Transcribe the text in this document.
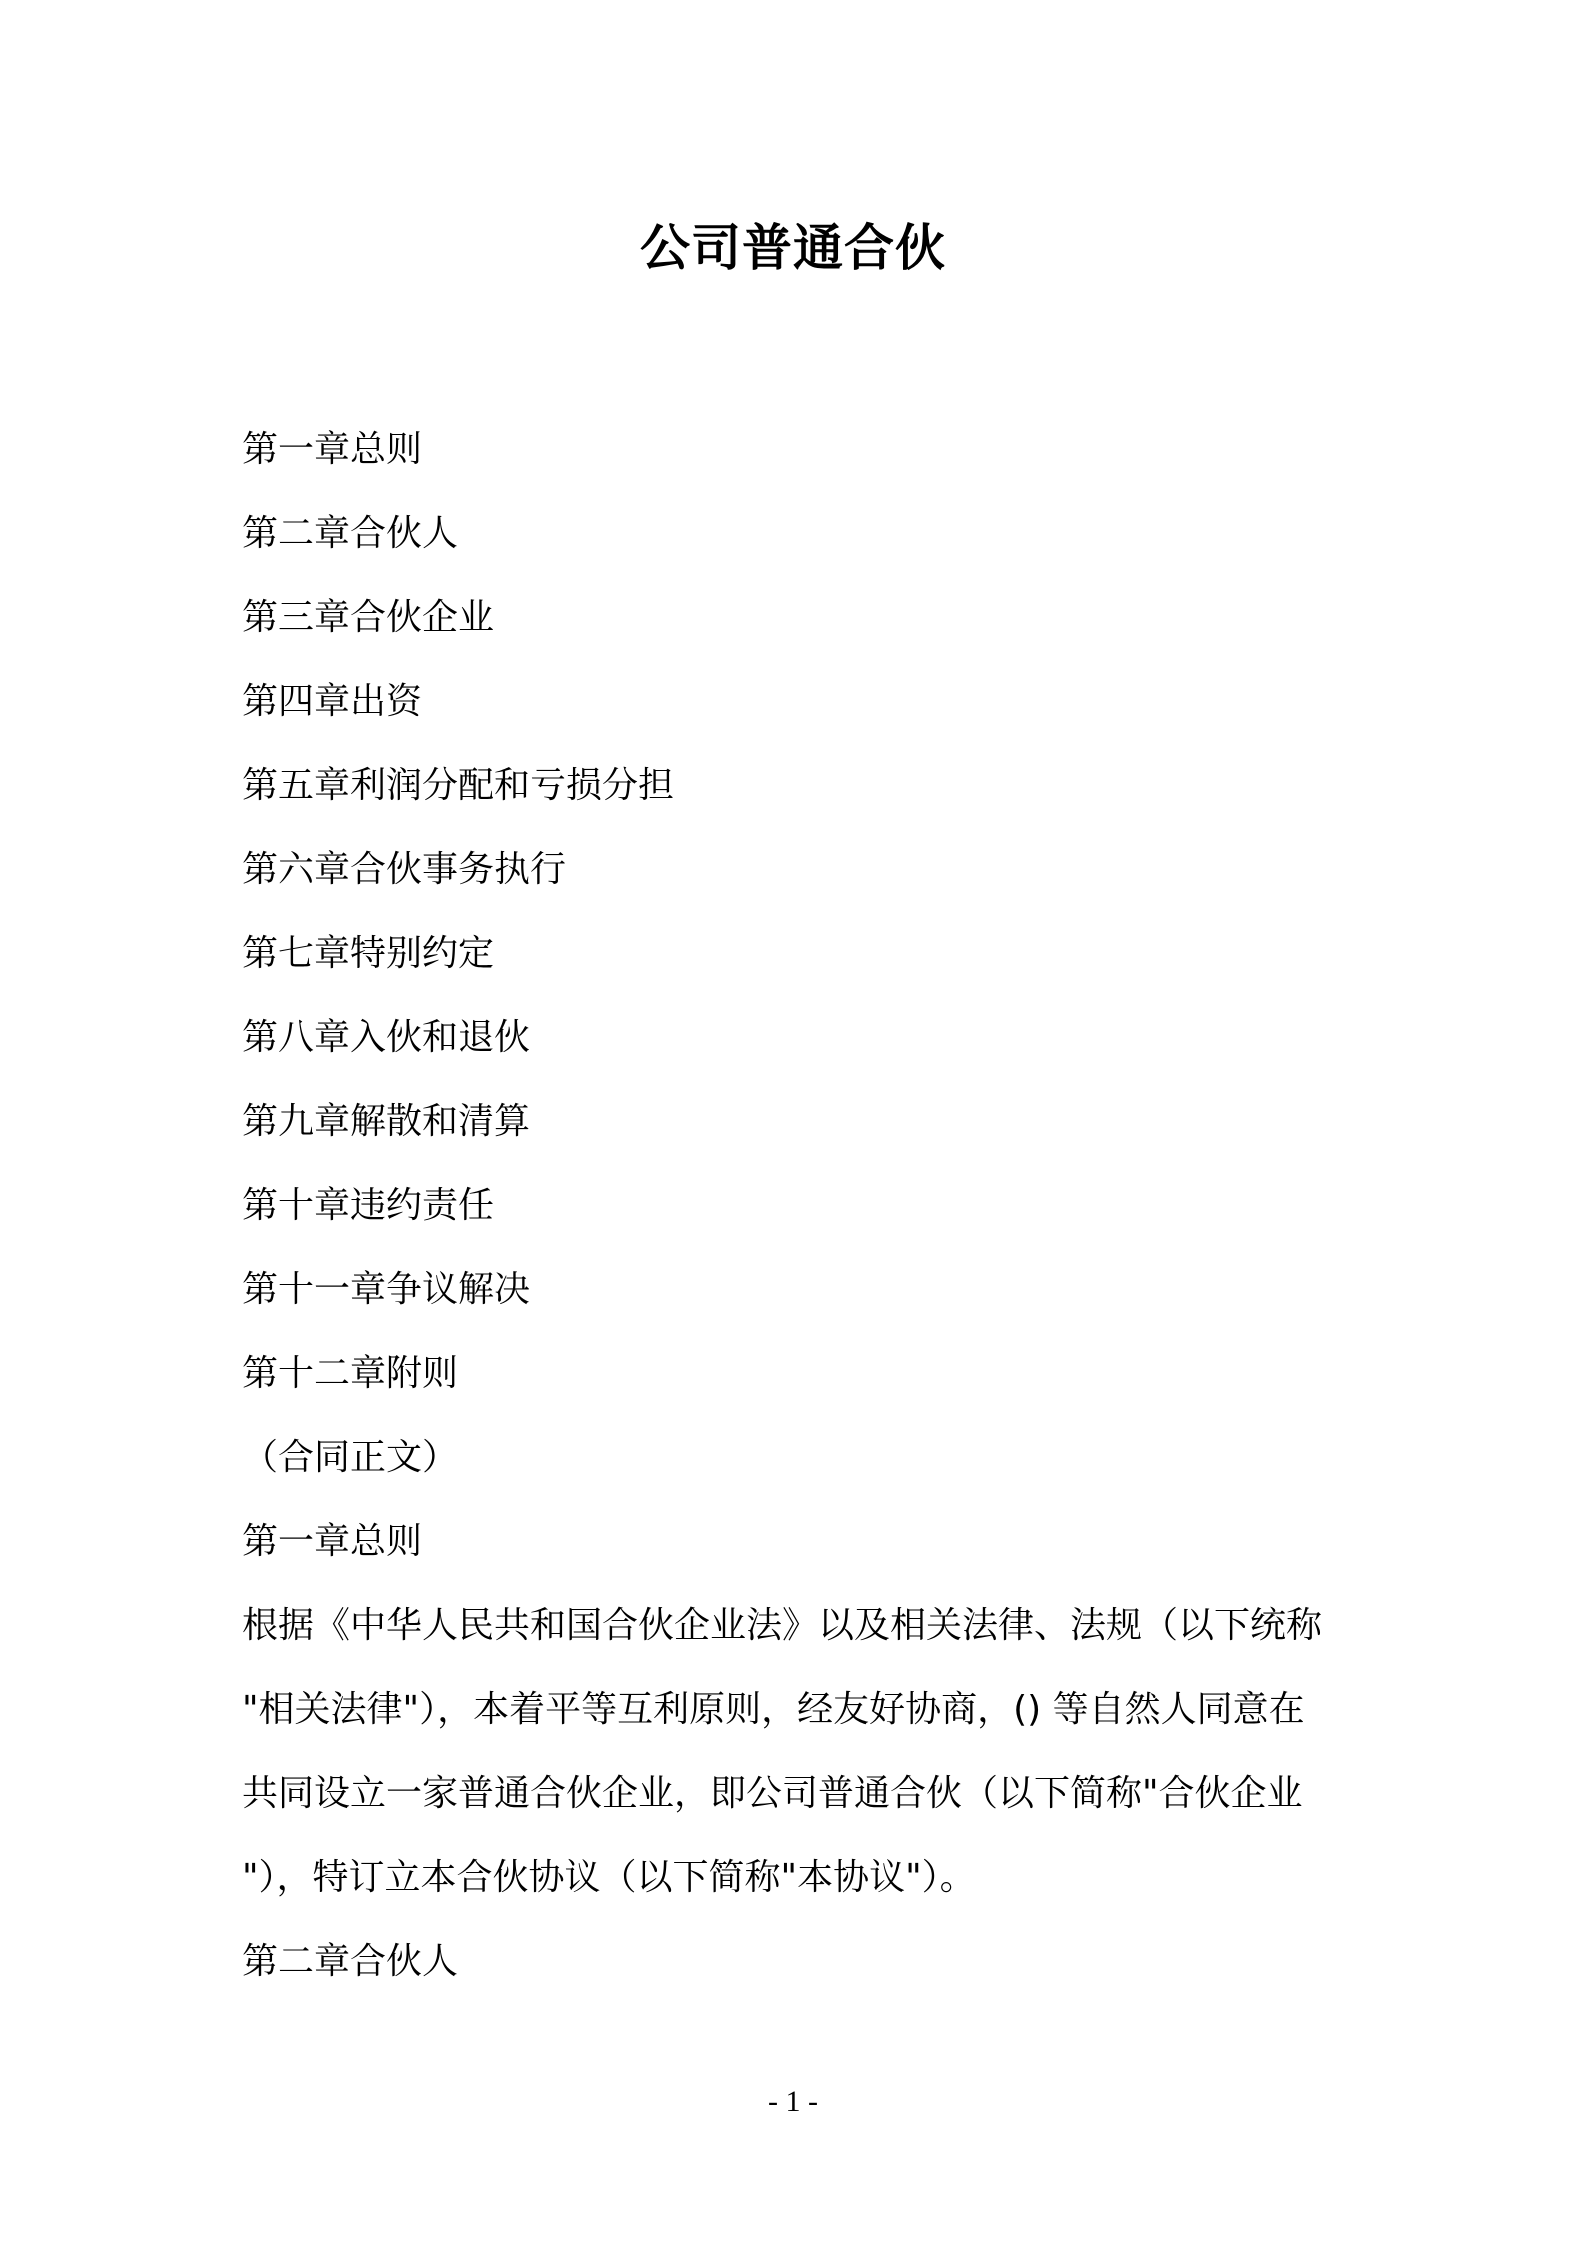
公司普通合伙
第一章总则
第二章合伙人
第三章合伙企业
第四章出资
第五章利润分配和亏损分担
第六章合伙事务执行
第七章特别约定
第八章入伙和退伙
第九章解散和清算
第十章违约责任
第十一章争议解决
第十二章附则
（合同正文）
第一章总则
根据《中华人民共和国合伙企业法》以及相关法律、法规（以下统称
"相关法律"），本着平等互利原则，经友好协商，() 等自然人同意在
共同设立一家普通合伙企业，即公司普通合伙（以下简称"合伙企业
"），特订立本合伙协议（以下简称"本协议"）。
第二章合伙人
- 1 -
